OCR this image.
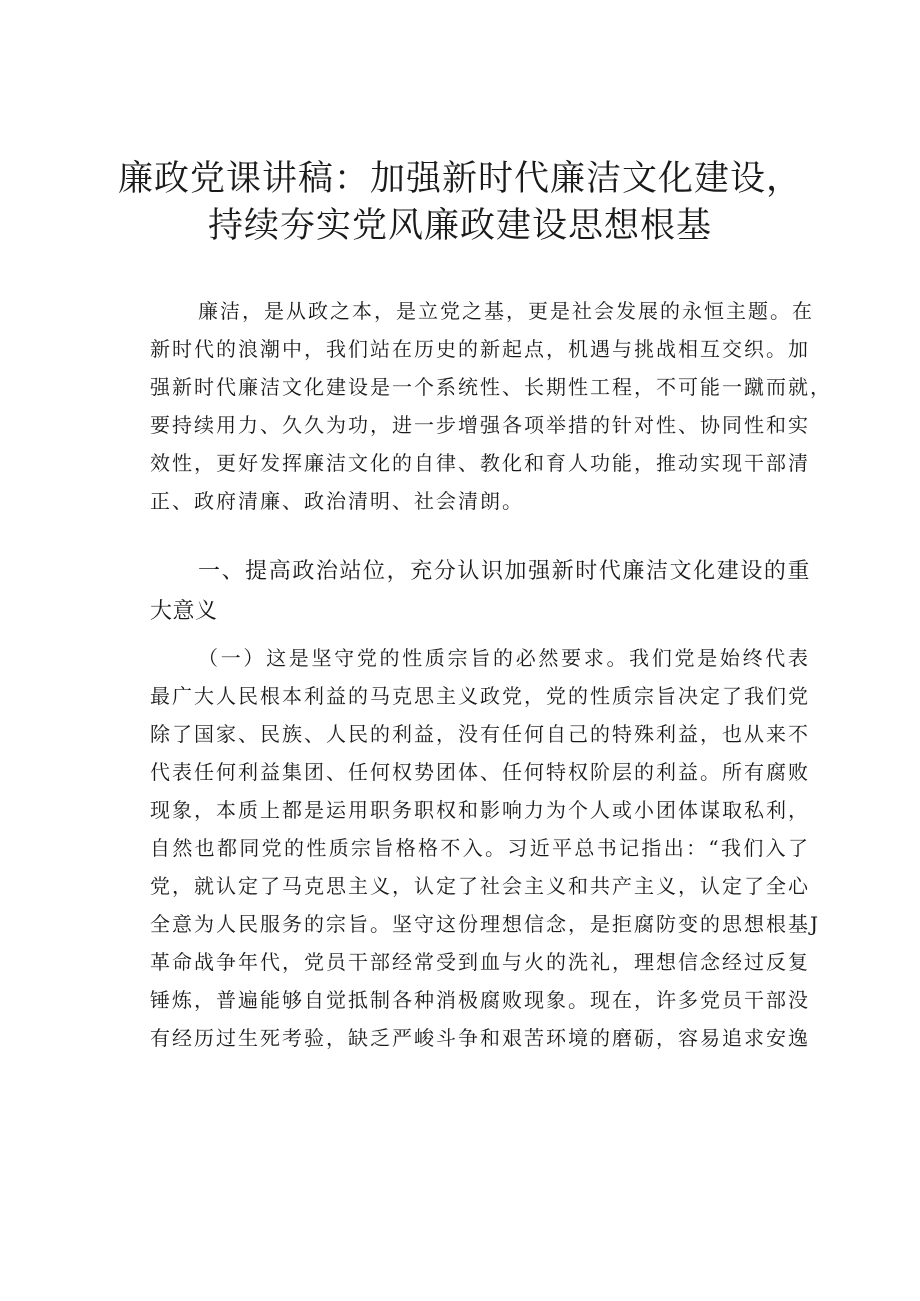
廉政党课讲稿：加强新时代廉洁文化建设，
持续夯实党风廉政建设思想根基
廉洁，是从政之本，是立党之基，更是社会发展的永恒主题。在
新时代的浪潮中，我们站在历史的新起点，机遇与挑战相互交织。加
强新时代廉洁文化建设是一个系统性、长期性工程，不可能一蹴而就，
要持续用力、久久为功，进一步增强各项举措的针对性、协同性和实
效性，更好发挥廉洁文化的自律、教化和育人功能，推动实现干部清
正、政府清廉、政治清明、社会清朗。
一、提高政治站位，充分认识加强新时代廉洁文化建设的重
大意义
（一）这是坚守党的性质宗旨的必然要求。我们党是始终代表
最广大人民根本利益的马克思主义政党，党的性质宗旨决定了我们党
除了国家、民族、人民的利益，没有任何自己的特殊利益，也从来不
代表任何利益集团、任何权势团体、任何特权阶层的利益。所有腐败
现象，本质上都是运用职务职权和影响力为个人或小团体谋取私利，
自然也都同党的性质宗旨格格不入。习近平总书记指出：“我们入了
党，就认定了马克思主义，认定了社会主义和共产主义，认定了全心
全意为人民服务的宗旨。坚守这份理想信念，是拒腐防变的思想根基J
革命战争年代，党员干部经常受到血与火的洗礼，理想信念经过反复
锤炼，普遍能够自觉抵制各种消极腐败现象。现在，许多党员干部没
有经历过生死考验，缺乏严峻斗争和艰苦环境的磨砺，容易追求安逸
